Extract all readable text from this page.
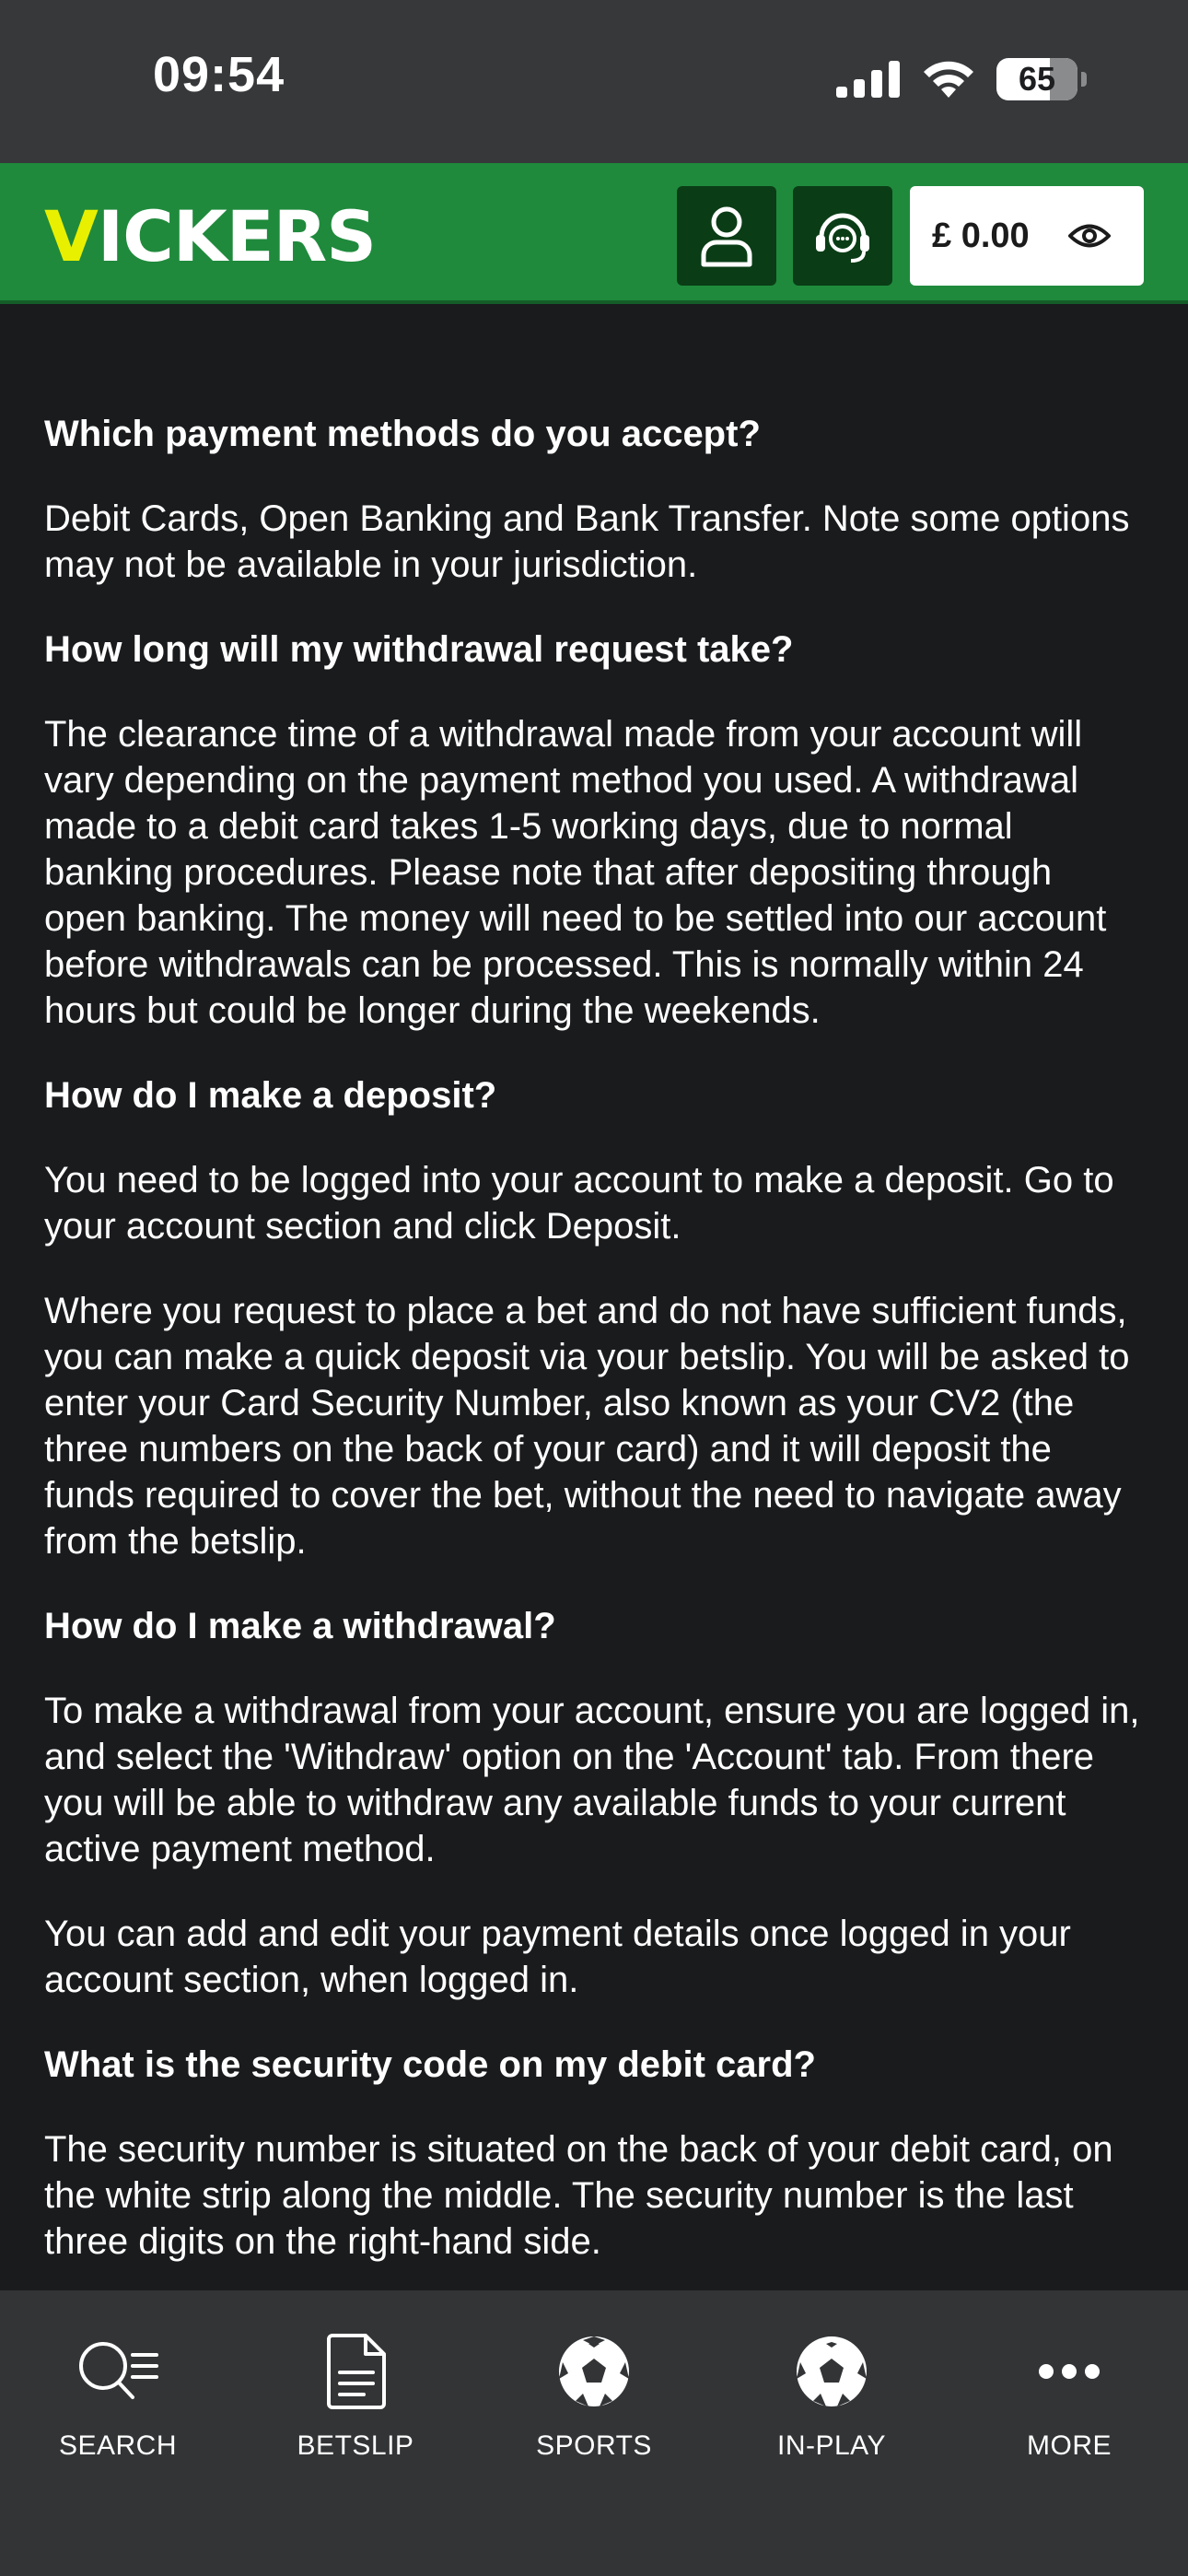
09:54	65
VICKERS	£ 0.00
Which payment methods do you accept?
Debit Cards, Open Banking and Bank Transfer. Note some options may not be available in your jurisdiction.
How long will my withdrawal request take?
The clearance time of a withdrawal made from your account will vary depending on the payment method you used. A withdrawal made to a debit card takes 1-5 working days, due to normal banking procedures. Please note that after depositing through open banking. The money will need to be settled into our account before withdrawals can be processed. This is normally within 24 hours but could be longer during the weekends.
How do I make a deposit?
You need to be logged into your account to make a deposit. Go to your account section and click Deposit.
Where you request to place a bet and do not have sufficient funds, you can make a quick deposit via your betslip. You will be asked to enter your Card Security Number, also known as your CV2 (the three numbers on the back of your card) and it will deposit the funds required to cover the bet, without the need to navigate away from the betslip.
How do I make a withdrawal?
To make a withdrawal from your account, ensure you are logged in, and select the 'Withdraw' option on the 'Account' tab. From there you will be able to withdraw any available funds to your current active payment method.
You can add and edit your payment details once logged in your account section, when logged in.
What is the security code on my debit card?
The security number is situated on the back of your debit card, on the white strip along the middle. The security number is the last three digits on the right-hand side.
SEARCH	BETSLIP	SPORTS	IN-PLAY	MORE
